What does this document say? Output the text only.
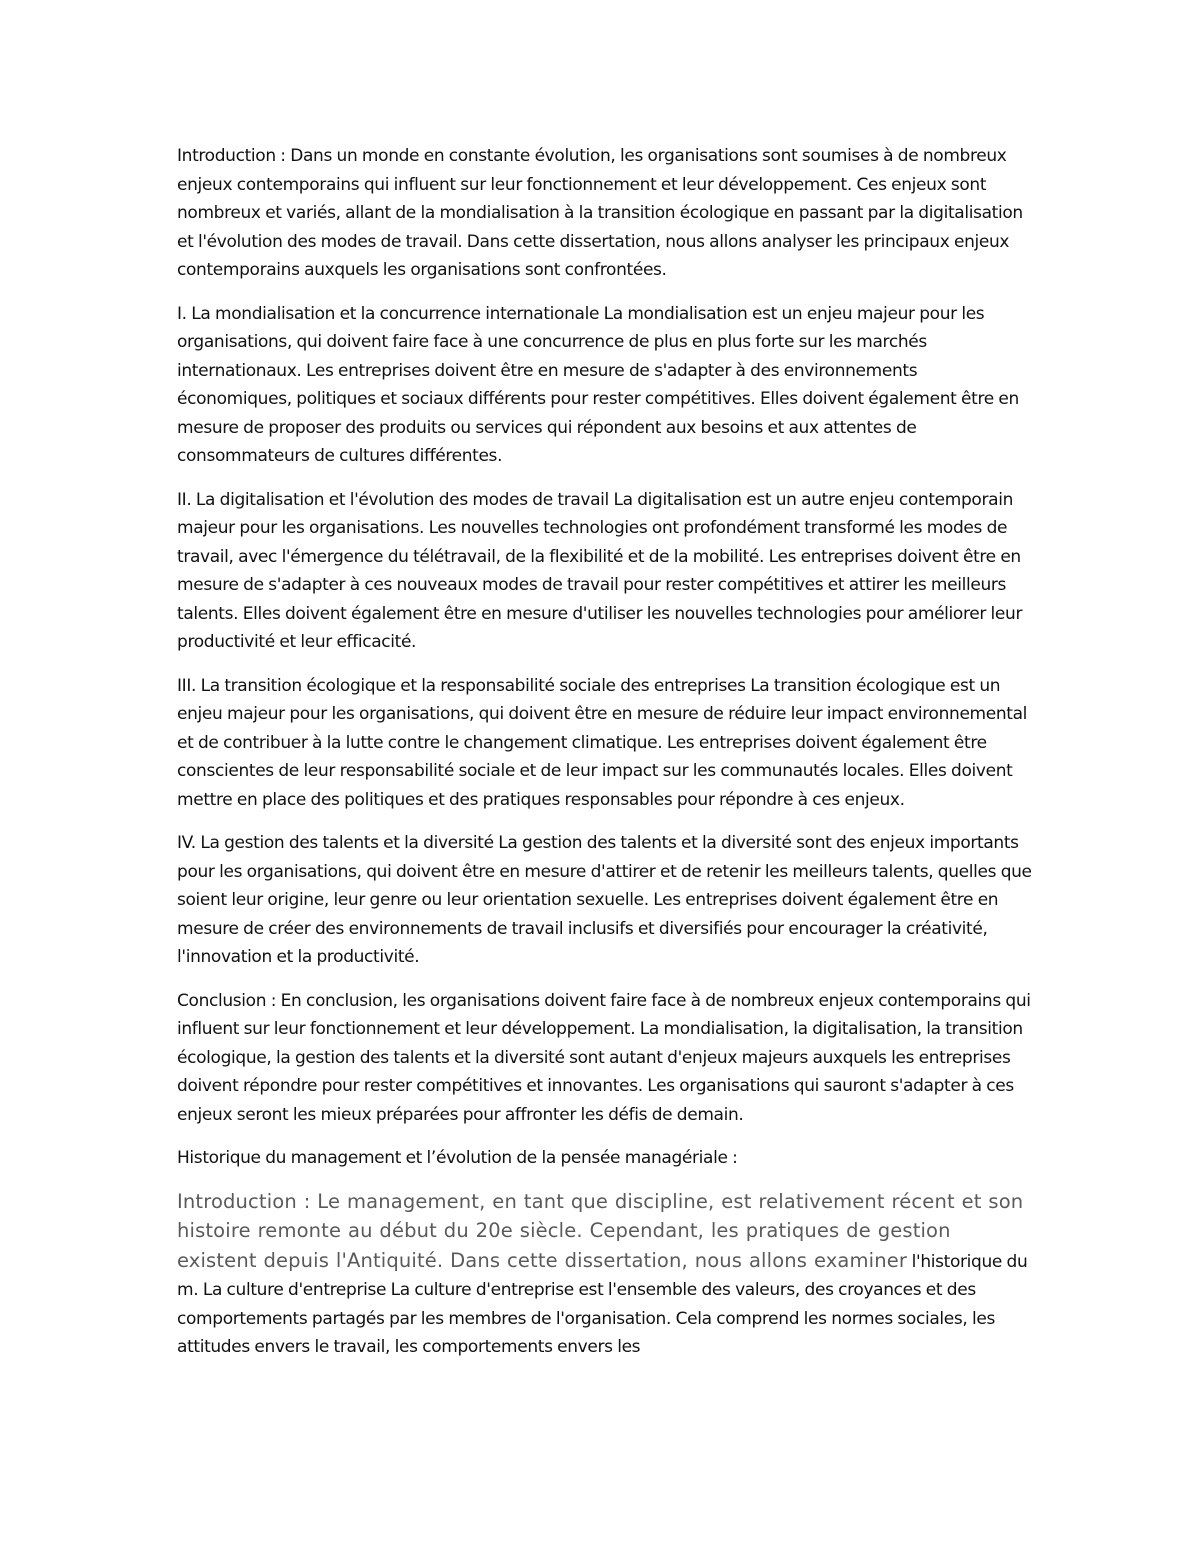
Introduction : Dans un monde en constante évolution, les organisations sont soumises à de nombreux enjeux contemporains qui influent sur leur fonctionnement et leur développement. Ces enjeux sont nombreux et variés, allant de la mondialisation à la transition écologique en passant par la digitalisation et l'évolution des modes de travail. Dans cette dissertation, nous allons analyser les principaux enjeux contemporains auxquels les organisations sont confrontées.

I. La mondialisation et la concurrence internationale La mondialisation est un enjeu majeur pour les organisations, qui doivent faire face à une concurrence de plus en plus forte sur les marchés internationaux. Les entreprises doivent être en mesure de s'adapter à des environnements économiques, politiques et sociaux différents pour rester compétitives. Elles doivent également être en mesure de proposer des produits ou services qui répondent aux besoins et aux attentes de consommateurs de cultures différentes.

II. La digitalisation et l'évolution des modes de travail La digitalisation est un autre enjeu contemporain majeur pour les organisations. Les nouvelles technologies ont profondément transformé les modes de travail, avec l'émergence du télétravail, de la flexibilité et de la mobilité. Les entreprises doivent être en mesure de s'adapter à ces nouveaux modes de travail pour rester compétitives et attirer les meilleurs talents. Elles doivent également être en mesure d'utiliser les nouvelles technologies pour améliorer leur productivité et leur efficacité.

III. La transition écologique et la responsabilité sociale des entreprises La transition écologique est un enjeu majeur pour les organisations, qui doivent être en mesure de réduire leur impact environnemental et de contribuer à la lutte contre le changement climatique. Les entreprises doivent également être conscientes de leur responsabilité sociale et de leur impact sur les communautés locales. Elles doivent mettre en place des politiques et des pratiques responsables pour répondre à ces enjeux.

IV. La gestion des talents et la diversité La gestion des talents et la diversité sont des enjeux importants pour les organisations, qui doivent être en mesure d'attirer et de retenir les meilleurs talents, quelles que soient leur origine, leur genre ou leur orientation sexuelle. Les entreprises doivent également être en mesure de créer des environnements de travail inclusifs et diversifiés pour encourager la créativité, l'innovation et la productivité.

Conclusion : En conclusion, les organisations doivent faire face à de nombreux enjeux contemporains qui influent sur leur fonctionnement et leur développement. La mondialisation, la digitalisation, la transition écologique, la gestion des talents et la diversité sont autant d'enjeux majeurs auxquels les entreprises doivent répondre pour rester compétitives et innovantes. Les organisations qui sauront s'adapter à ces enjeux seront les mieux préparées pour affronter les défis de demain.

Historique du management et l’évolution de la pensée managériale :

Introduction : Le management, en tant que discipline, est relativement récent et son histoire remonte au début du 20e siècle. Cependant, les pratiques de gestion existent depuis l'Antiquité. Dans cette dissertation, nous allons examiner l'historique du m. La culture d'entreprise La culture d'entreprise est l'ensemble des valeurs, des croyances et des comportements partagés par les membres de l'organisation. Cela comprend les normes sociales, les attitudes envers le travail, les comportements envers les
